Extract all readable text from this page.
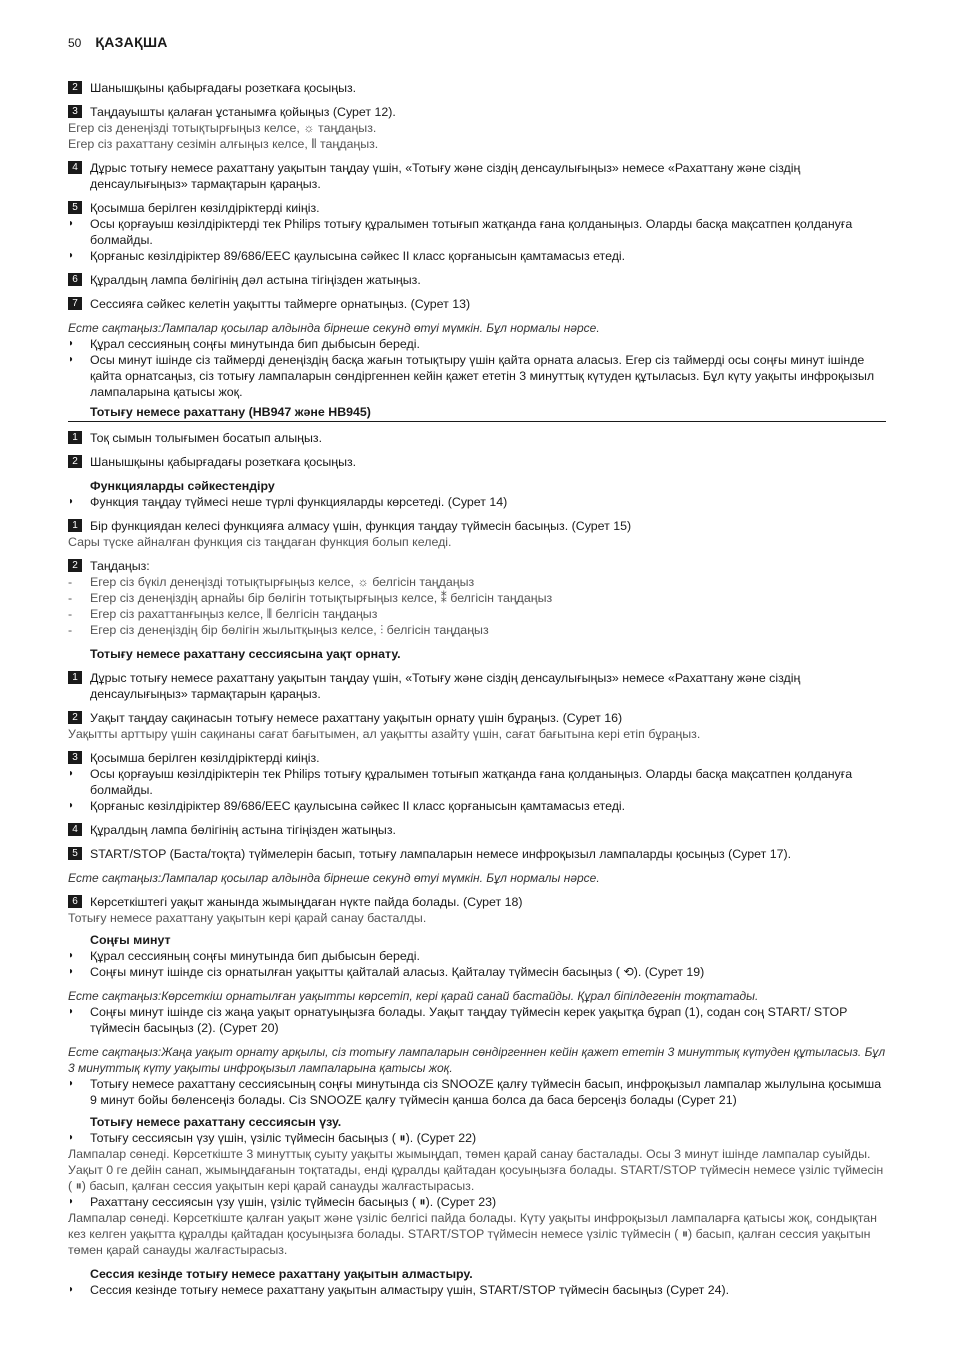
50 ҚАЗАҚША
2 Шанышқыны қабырғадағы розеткаға қосыңыз.
3 Таңдауышты қалаған ұстанымға қойыңыз (Сурет 12).
Егер сіз денеңізді тотықтырғыңыз келсе, ☼ таңдаңыз.
Егер сіз рахаттану сезімін алғыңыз келсе, ⫴ таңдаңыз.
4 Дұрыс тотығу немесе рахаттану уақытын таңдау үшін, «Тотығу және сіздің денсаулығыңыз» немесе «Рахаттану және сіздің денсаулығыңыз» тармақтарын қараңыз.
5 Қосымша берілген көзілдіріктерді киіңіз.
◗	Осы қорғауыш көзілдіріктерді тек Philips тотығу құралымен тотығып жатқанда ғана қолданыңыз. Оларды басқа мақсатпен қолдануға болмайды.
◗	Қорғаныс көзілдіріктер 89/686/EEC қаулысына сәйкес II класс қорғанысын қамтамасыз етеді.
6 Құралдың лампа бөлігінің дәл астына тігіңізден жатыңыз.
7 Сессияға сәйкес келетін уақытты таймерге орнатыңыз. (Сурет 13)
Есте сақтаңыз:Лампалар қосылар алдында бірнеше секунд өтуі мүмкін. Бұл нормалы нәрсе.
◗	Құрал сессияның соңғы минутында бип дыбысын береді.
◗	Осы минут ішінде сіз таймерді денеңіздің басқа жағын тотықтыру үшін қайта орната аласыз. Егер сіз таймерді осы соңғы минут ішінде қайта орнатсаңыз, сіз тотығу лампаларын сөндіргеннен кейін қажет ететін 3 минуттық күтуден құтыласыз. Бұл күту уақыты инфроқызыл лампаларына қатысы жоқ.
Тотығу немесе рахаттану (HB947 және HB945)
1 Тоқ сымын толығымен босатып алыңыз.
2 Шанышқыны қабырғадағы розеткаға қосыңыз.
Функцияларды сәйкестендіру
◗	Функция таңдау түймесі неше түрлі функцияларды көрсетеді. (Сурет 14)
1 Бір функциядан келесі функцияға алмасу үшін, функция таңдау түймесін басыңыз. (Сурет 15)
Сары түске айналған функция сіз таңдаған функция болып келеді.
2 Таңдаңыз:
-	Егер сіз бүкіл денеңізді тотықтырғыңыз келсе, ☼ белгісін таңдаңыз
-	Егер сіз денеңіздің арнайы бір бөлігін тотықтырғыңыз келсе, ⁑ белгісін таңдаңыз
-	Егер сіз рахаттанғыңыз келсе, ⫴ белгісін таңдаңыз
-	Егер сіз денеңіздің бір бөлігін жылытқыңыз келсе, ⫶ белгісін таңдаңыз
Тотығу немесе рахаттану сессиясына уақт орнату.
1 Дұрыс тотығу немесе рахаттану уақытын таңдау үшін, «Тотығу және сіздің денсаулығыңыз» немесе «Рахаттану және сіздің денсаулығыңыз» тармақтарын қараңыз.
2 Уақыт таңдау сақинасын тотығу немесе рахаттану уақытын орнату үшін бұраңыз. (Сурет 16)
Уақытты арттыру үшін сақинаны сағат бағытымен, ал уақытты азайту үшін, сағат бағытына кері етіп бұраңыз.
3 Қосымша берілген көзілдіріктерді киіңіз.
◗	Осы қорғауыш көзілдіріктерін тек Philips тотығу құралымен тотығып жатқанда ғана қолданыңыз. Оларды басқа мақсатпен қолдануға болмайды.
◗	Қорғаныс көзілдіріктер 89/686/EEC қаулысына сәйкес II класс қорғанысын қамтамасыз етеді.
4 Құралдың лампа бөлігінің астына тігіңізден жатыңыз.
5 START/STOP (Баста/тоқта) түймелерін басып, тотығу лампаларын немесе инфроқызыл лампаларды қосыңыз (Сурет 17).
Есте сақтаңыз:Лампалар қосылар алдында бірнеше секунд өтуі мүмкін. Бұл нормалы нәрсе.
6 Көрсеткіштегі уақыт жанында жымыңдаған нүкте пайда болады. (Сурет 18)
Тотығу немесе рахаттану уақытын кері қарай санау басталды.
Соңғы минут
◗	Құрал сессияның соңғы минутында бип дыбысын береді.
◗	Соңғы минут ішінде сіз орнатылған уақытты қайталай аласыз. Қайталау түймесін басыңыз ( ⟲). (Сурет 19)
Есте сақтаңыз:Көрсеткіш орнатылған уақытты көрсетіп, кері қарай санай бастайды. Құрал біпілдегенін тоқтатады.
◗	Соңғы минут ішінде сіз жаңа уақыт орнатуыңызға болады. Уақыт таңдау түймесін керек уақытқа бұрап (1), содан соң START/ STOP түймесін басыңыз (2). (Сурет 20)
Есте сақтаңыз:Жаңа уақыт орнату арқылы, сіз тотығу лампаларын сөндіргеннен кейін қажет ететін 3 минуттық күтуден құтыласыз. Бұл 3 минуттық күту уақыты инфроқызыл лампаларына қатысы жоқ.
◗	Тотығу немесе рахаттану сессиясының соңғы минутында сіз SNOOZE қалғу түймесін басып, инфроқызыл лампалар жылулына қосымша 9 минут бойы бөленсеңіз болады. Сіз SNOOZE қалғу түймесін қанша болса да баса берсеңіз болады (Сурет 21)
Тотығу немесе рахаттану сессиясын үзу.
◗	Тотығу сессиясын үзу үшін, үзіліс түймесін басыңыз ( ⏸). (Сурет 22)
Лампалар сөнеді. Көрсеткіште 3 минуттық суыту уақыты жымыңдап, төмен қарай санау басталады. Осы 3 минут ішінде лампалар суыйды. Уақыт 0 ге дейін санап, жымыңдағанын тоқтатады, енді құралды қайтадан қосуыңызға болады. START/STOP түймесін немесе үзіліс түймесін ( ⏸) басып, қалған сессия уақытын кері қарай санауды жалғастырасыз.
◗	Рахаттану сессиясын үзу үшін, үзіліс түймесін басыңыз ( ⏸). (Сурет 23)
Лампалар сөнеді. Көрсеткіште қалған уақыт және үзіліс белгісі пайда болады. Күту уақыты инфроқызыл лампаларға қатысы жоқ, сондықтан кез келген уақытта құралды қайтадан қосуыңызға болады. START/STOP түймесін немесе үзіліс түймесін ( ⏸) басып, қалған сессия уақытын төмен қарай санауды жалғастырасыз.
Сессия кезінде тотығу немесе рахаттану уақытын алмастыру.
◗	Сессия кезінде тотығу немесе рахаттану уақытын алмастыру үшін, START/STOP түймесін басыңыз (Сурет 24).
